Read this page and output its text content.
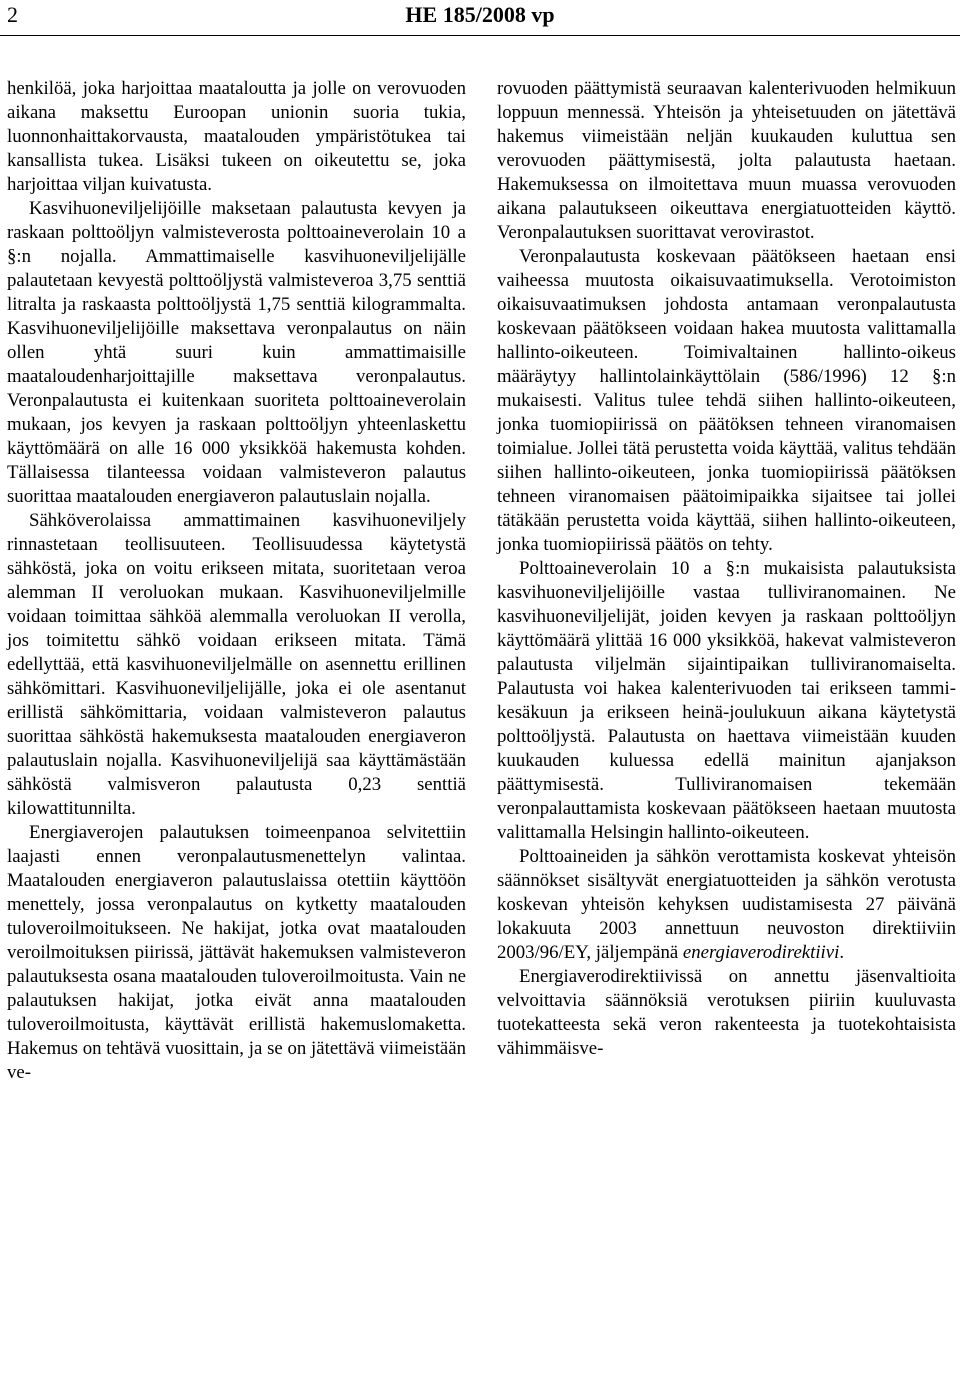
2	HE 185/2008 vp

henkilöä, joka harjoittaa maataloutta ja jolle on verovuoden aikana maksettu Euroopan unionin suoria tukia, luonnonhaittakorvausta, maatalouden ympäristötukea tai kansallista tukea. Lisäksi tukeen on oikeutettu se, joka harjoittaa viljan kuivatusta.

Kasvihuoneviljelijöille maksetaan palautusta kevyen ja raskaan polttoöljyn valmisteverosta polttoaineverolain 10 a §:n nojalla. Ammattimaiselle kasvihuoneviljelijälle palautetaan kevyestä polttoöljystä valmisteveroa 3,75 senttiä litralta ja raskaasta polttoöljystä 1,75 senttiä kilogrammalta. Kasvihuoneviljelijöille maksettava veronpalautus on näin ollen yhtä suuri kuin ammattimaisille maataloudenharjoittajille maksettava veronpalautus. Veronpalautusta ei kuitenkaan suoriteta polttoaineverolain mukaan, jos kevyen ja raskaan polttoöljyn yhteenlaskettu käyttömäärä on alle 16 000 yksikköä hakemusta kohden. Tällaisessa tilanteessa voidaan valmisteveron palautus suorittaa maatalouden energiaveron palautuslain nojalla.

Sähköverolaissa ammattimainen kasvihuoneviljely rinnastetaan teollisuuteen. Teollisuudessa käytetystä sähköstä, joka on voitu erikseen mitata, suoritetaan veroa alemman II veroluokan mukaan. Kasvihuoneviljelmille voidaan toimittaa sähköä alemmalla veroluokan II verolla, jos toimitettu sähkö voidaan erikseen mitata. Tämä edellyttää, että kasvihuoneviljelmälle on asennettu erillinen sähkömittari. Kasvihuoneviljelijälle, joka ei ole asentanut erillistä sähkömittaria, voidaan valmisteveron palautus suorittaa sähköstä hakemuksesta maatalouden energiaveron palautuslain nojalla. Kasvihuoneviljelijä saa käyttämästään sähköstä valmisveron palautusta 0,23 senttiä kilowattitunnilta.

Energiaverojen palautuksen toimeenpanoa selvitettiin laajasti ennen veronpalautusmenettelyn valintaa. Maatalouden energiaveron palautuslaissa otettiin käyttöön menettely, jossa veronpalautus on kytketty maatalouden tuloveroilmoitukseen. Ne hakijat, jotka ovat maatalouden veroilmoituksen piirissä, jättävät hakemuksen valmisteveron palautuksesta osana maatalouden tuloveroilmoitusta. Vain ne palautuksen hakijat, jotka eivät anna maatalouden tuloveroilmoitusta, käyttävät erillistä hakemuslomaketta. Hakemus on tehtävä vuosittain, ja se on jätettävä viimeistään ve-

rovuoden päättymistä seuraavan kalenterivuoden helmikuun loppuun mennessä. Yhteisön ja yhteisetuuden on jätettävä hakemus viimeistään neljän kuukauden kuluttua sen verovuoden päättymisestä, jolta palautusta haetaan. Hakemuksessa on ilmoitettava muun muassa verovuoden aikana palautukseen oikeuttava energiatuotteiden käyttö. Veronpalautuksen suorittavat verovirastot.

Veronpalautusta koskevaan päätökseen haetaan ensi vaiheessa muutosta oikaisuvaatimuksella. Verotoimiston oikaisuvaatimuksen johdosta antamaan veronpalautusta koskevaan päätökseen voidaan hakea muutosta valittamalla hallinto-oikeuteen. Toimivaltainen hallinto-oikeus määräytyy hallintolainkäyttölain (586/1996) 12 §:n mukaisesti. Valitus tulee tehdä siihen hallinto-oikeuteen, jonka tuomiopiirissä on päätöksen tehneen viranomaisen toimialue. Jollei tätä perustetta voida käyttää, valitus tehdään siihen hallinto-oikeuteen, jonka tuomiopiirissä päätöksen tehneen viranomaisen päätoimipaikka sijaitsee tai jollei tätäkään perustetta voida käyttää, siihen hallinto-oikeuteen, jonka tuomiopiirissä päätös on tehty.

Polttoaineverolain 10 a §:n mukaisista palautuksista kasvihuoneviljelijöille vastaa tulliviranomainen. Ne kasvihuoneviljelijät, joiden kevyen ja raskaan polttoöljyn käyttömäärä ylittää 16 000 yksikköä, hakevat valmisteveron palautusta viljelmän sijaintipaikan tulliviranomaiselta. Palautusta voi hakea kalenterivuoden tai erikseen tammi-kesäkuun ja erikseen heinä-joulukuun aikana käytetystä polttoöljystä. Palautusta on haettava viimeistään kuuden kuukauden kuluessa edellä mainitun ajanjakson päättymisestä. Tulliviranomaisen tekemään veronpalauttamista koskevaan päätökseen haetaan muutosta valittamalla Helsingin hallinto-oikeuteen.

Polttoaineiden ja sähkön verottamista koskevat yhteisön säännökset sisältyvät energiatuotteiden ja sähkön verotusta koskevan yhteisön kehyksen uudistamisesta 27 päivänä lokakuuta 2003 annettuun neuvoston direktiiviin 2003/96/EY, jäljempänä energiaverodirektiivi.

Energiaverodirektiivissä on annettu jäsenvaltioita velvoittavia säännöksiä verotuksen piiriin kuuluvasta tuotekatteesta sekä veron rakenteesta ja tuotekohtaisista vähimmäisve-
